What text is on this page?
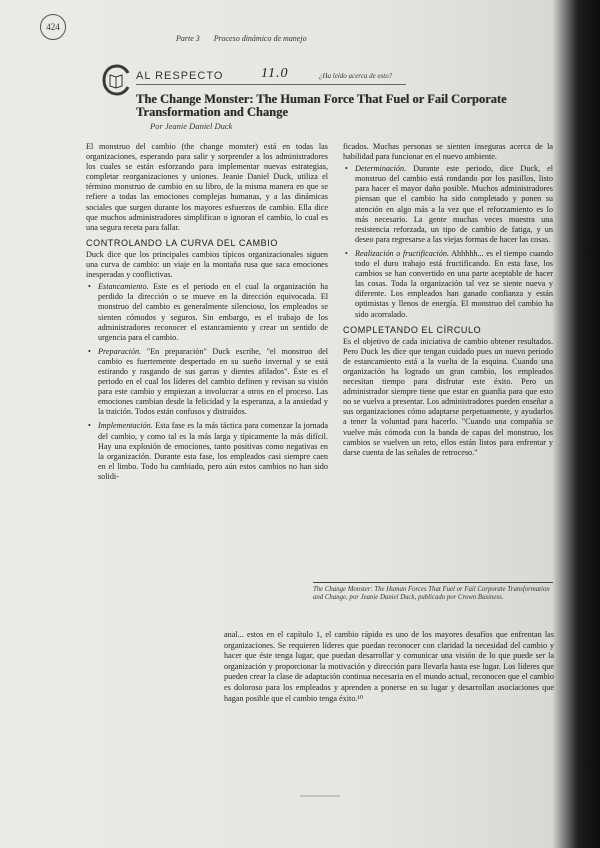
424
Parte 3 Proceso dinámico de manejo
AL RESPECTO	11.0	¿Ha leído acerca de esto?
The Change Monster: The Human Force That Fuel or Fail Corporate Transformation and Change
Por Jeanie Daniel Duck

El monstruo del cambio (the change monster) está en todas las organizaciones, esperando para salir y sorprender a los administradores los cuales se están esforzando para implementar nuevas estrategias, completar reorganizaciones y uniones. Jeanie Daniel Duck, utiliza el término monstruo de cambio en su libro, de la misma manera en que se refiere a todas las emociones complejas humanas, y a las dinámicas sociales que surgen durante los mayores esfuerzos de cambio. Ella dice que muchos administradores simplifican o ignoran el cambio, lo cual es una segura receta para fallar.

CONTROLANDO LA CURVA DEL CAMBIO

Duck dice que los principales cambios típicos organizacionales siguen una curva de cambio: un viaje en la montaña rusa que saca emociones inesperadas y conflictivas.

• Estancamiento. Este es el periodo en el cual la organización ha perdido la dirección o se mueve en la dirección equivocada. El monstruo del cambio es generalmente silencioso, los empleados se sienten cómodos y seguros. Sin embargo, es el trabajo de los administradores reconocer el estancamiento y crear un sentido de urgencia para el cambio.
• Preparación. "En preparación" Duck escribe, "el monstruo del cambio es fuertemente despertado en su sueño invernal y se está estirando y rasgando de sus garras y dientes afilados". Éste es el periodo en el cual los líderes del cambio definen y revisan su visión para este cambio y empiezan a involucrar a otros en el proceso. Las emociones cambian desde la felicidad y la esperanza, a la ansiedad y la traición. Todos están confusos y distraídos.
• Implementación. Esta fase es la más táctica para comenzar la jornada del cambio, y como tal es la más larga y típicamente la más difícil. Hay una explosión de emociones, tanto positivas como negativas en la organización. Durante esta fase, los empleados casi siempre caen en el limbo. Todo ha cambiado, pero aún estos cambios no han sido solidi-

ficados. Muchas personas se sienten inseguras acerca de la habilidad para funcionar en el nuevo ambiente.

• Determinación. Durante este periodo, dice Duck, el monstruo del cambio está rondando por los pasillos, listo para hacer el mayor daño posible. Muchos administradores piensan que el cambio ha sido completado y ponen su atención en algo más a la vez que el reforzamiento es lo más necesario. La gente muchas veces muestra una resistencia reforzada, un tipo de cambio de fatiga, y un deseo para regresarse a las viejas formas de hacer las cosas.
• Realización o fructificación. Ahhhhh... es el tiempo cuando todo el duro trabajo está fructificando. En esta fase, los cambios se han convertido en una parte aceptable de hacer las cosas. Toda la organización tal vez se siente nueva y diferente. Los empleados han ganado confianza y están optimistas y llenos de energía. El monstruo del cambio ha sido acorralado.
COMPLETANDO EL CÍRCULO

Es el objetivo de cada iniciativa de cambio obtener resultados. Pero Duck les dice que tengan cuidado pues un nuevo periodo de estancamiento está a la vuelta de la esquina. Cuando una organización ha logrado un gran cambio, los empleados necesitan tiempo para disfrutar este éxito. Pero un administrador siempre tiene que estar en guardia para que esto no se vuelva a presentar. Los administradores pueden enseñar a sus organizaciones cómo adaptarse perpetuamente, y ayudarlos a tener la voluntad para hacerlo. "Cuando una compañía se vuelve más cómoda con la banda de capas del monstruo, los cambios se vuelven un reto, ellos están listos para enfrentar y darse cuenta de las señales de retroceso."

The Change Monster: The Human Forces That Fuel or Fail Corporate Transformation and Change, por Jeanie Daniel Duck, publicado por Crown Business.
anal... estos en el capítulo 1, el cambio rápido es uno de los mayores desafíos que enfrentan las organizaciones. Se requieren líderes que puedan reconocer con claridad la necesidad del cambio y hacer que éste tenga lugar, que puedan desarrollar y comunicar una visión de lo que puede ser la organización y proporcionar la motivación y dirección para llevarla hasta ese lugar. Los líderes que pueden crear la clase de adaptación continua necesaria en el mundo actual, reconocen que el cambio es doloroso para los empleados y aprenden a ponerse en su lugar y desarrollan asociaciones que hagan posible que el cambio tenga éxito.¹⁰
